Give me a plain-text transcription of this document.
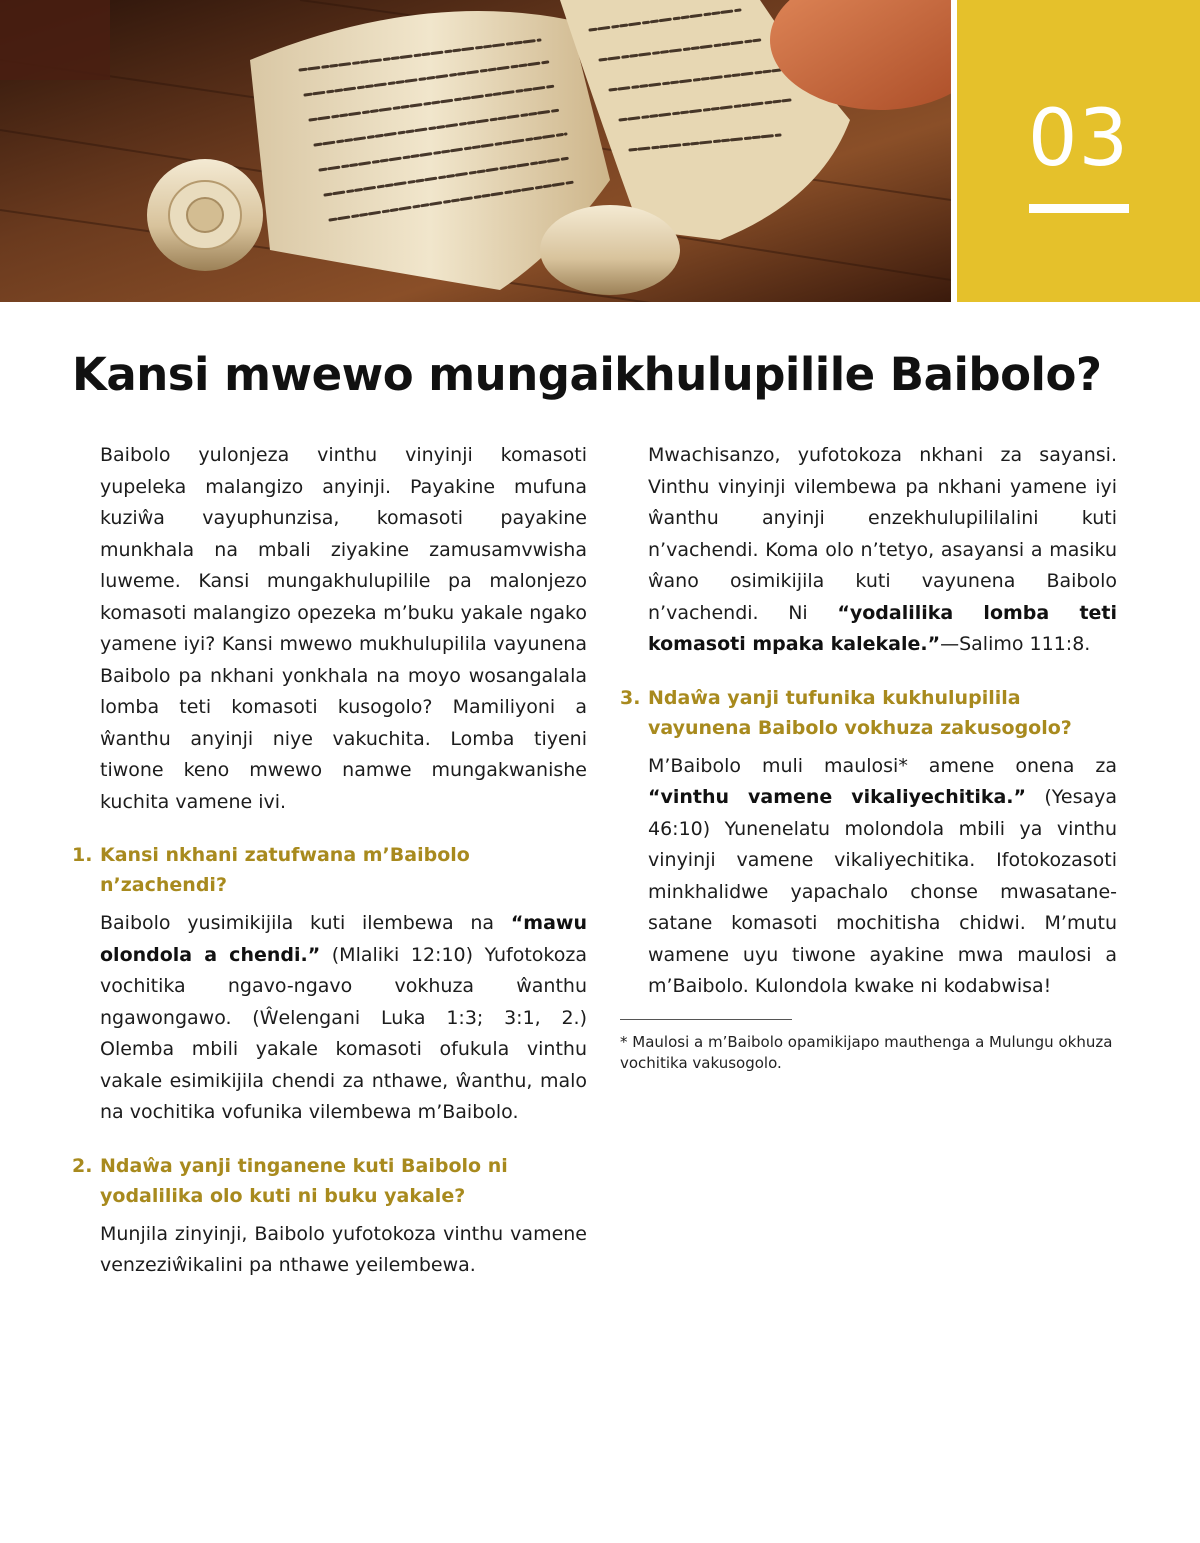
03
Kansi mwewo mungaikhulupilile Baibolo?

Baibolo yulonjeza vinthu vinyinji komasoti yupeleka malangizo anyinji. Payakine mufuna kuziŵa vayuphunzisa, komasoti payakine munkhala na mbali ziyakine zamusamvwisha luweme. Kansi mungakhulupilile pa malonjezo komasoti malangizo opezeka m’buku yakale ngako yamene iyi? Kansi mwewo mukhulupilila vayunena Baibolo pa nkhani yonkhala na moyo wosangalala lomba teti komasoti kusogolo? Mamiliyoni a ŵanthu anyinji niye vakuchita. Lomba tiyeni tiwone keno mwewo namwe mungakwanishe kuchita vamene ivi.

1. Kansi nkhani zatufwana m’Baibolo n’zachendi?

Baibolo yusimikijila kuti ilembewa na “mawu olondola a chendi.” (Mlaliki 12:10) Yufotokoza vochitika ngavo-ngavo vokhuza ŵanthu ngawongawo. (Ŵelengani Luka 1:3; 3:1, 2.) Olemba mbili yakale komasoti ofukula vinthu vakale esimikijila chendi za nthawe, ŵanthu, malo na vochitika vofunika vilembewa m’Baibolo.

2. Ndaŵa yanji tinganene kuti Baibolo ni yodalilika olo kuti ni buku yakale?

Munjila zinyinji, Baibolo yufotokoza vinthu vamene venzeziŵikalini pa nthawe yeilembewa.

Mwachisanzo, yufotokoza nkhani za sayansi. Vinthu vinyinji vilembewa pa nkhani yamene iyi ŵanthu anyinji enzekhulupililalini kuti n’vachendi. Koma olo n’tetyo, asayansi a masiku ŵano osimikijila kuti vayunena Baibolo n’vachendi. Ni “yodalilika lomba teti komasoti mpaka kalekale.”—Salimo 111:8.

3. Ndaŵa yanji tufunika kukhulupilila vayunena Baibolo vokhuza zakusogolo?

M’Baibolo muli maulosi* amene onena za “vinthu vamene vikaliyechitika.” (Yesaya 46:10) Yunenelatu molondola mbili ya vinthu vinyinji vamene vikaliyechitika. Ifotokozasoti minkhalidwe yapachalo chonse mwasatane-satane komasoti mochitisha chidwi. M’mutu wamene uyu tiwone ayakine mwa maulosi a m’Baibolo. Kulondola kwake ni kodabwisa!

* Maulosi a m’Baibolo opamikijapo mauthenga a Mulungu okhuza vochitika vakusogolo.
